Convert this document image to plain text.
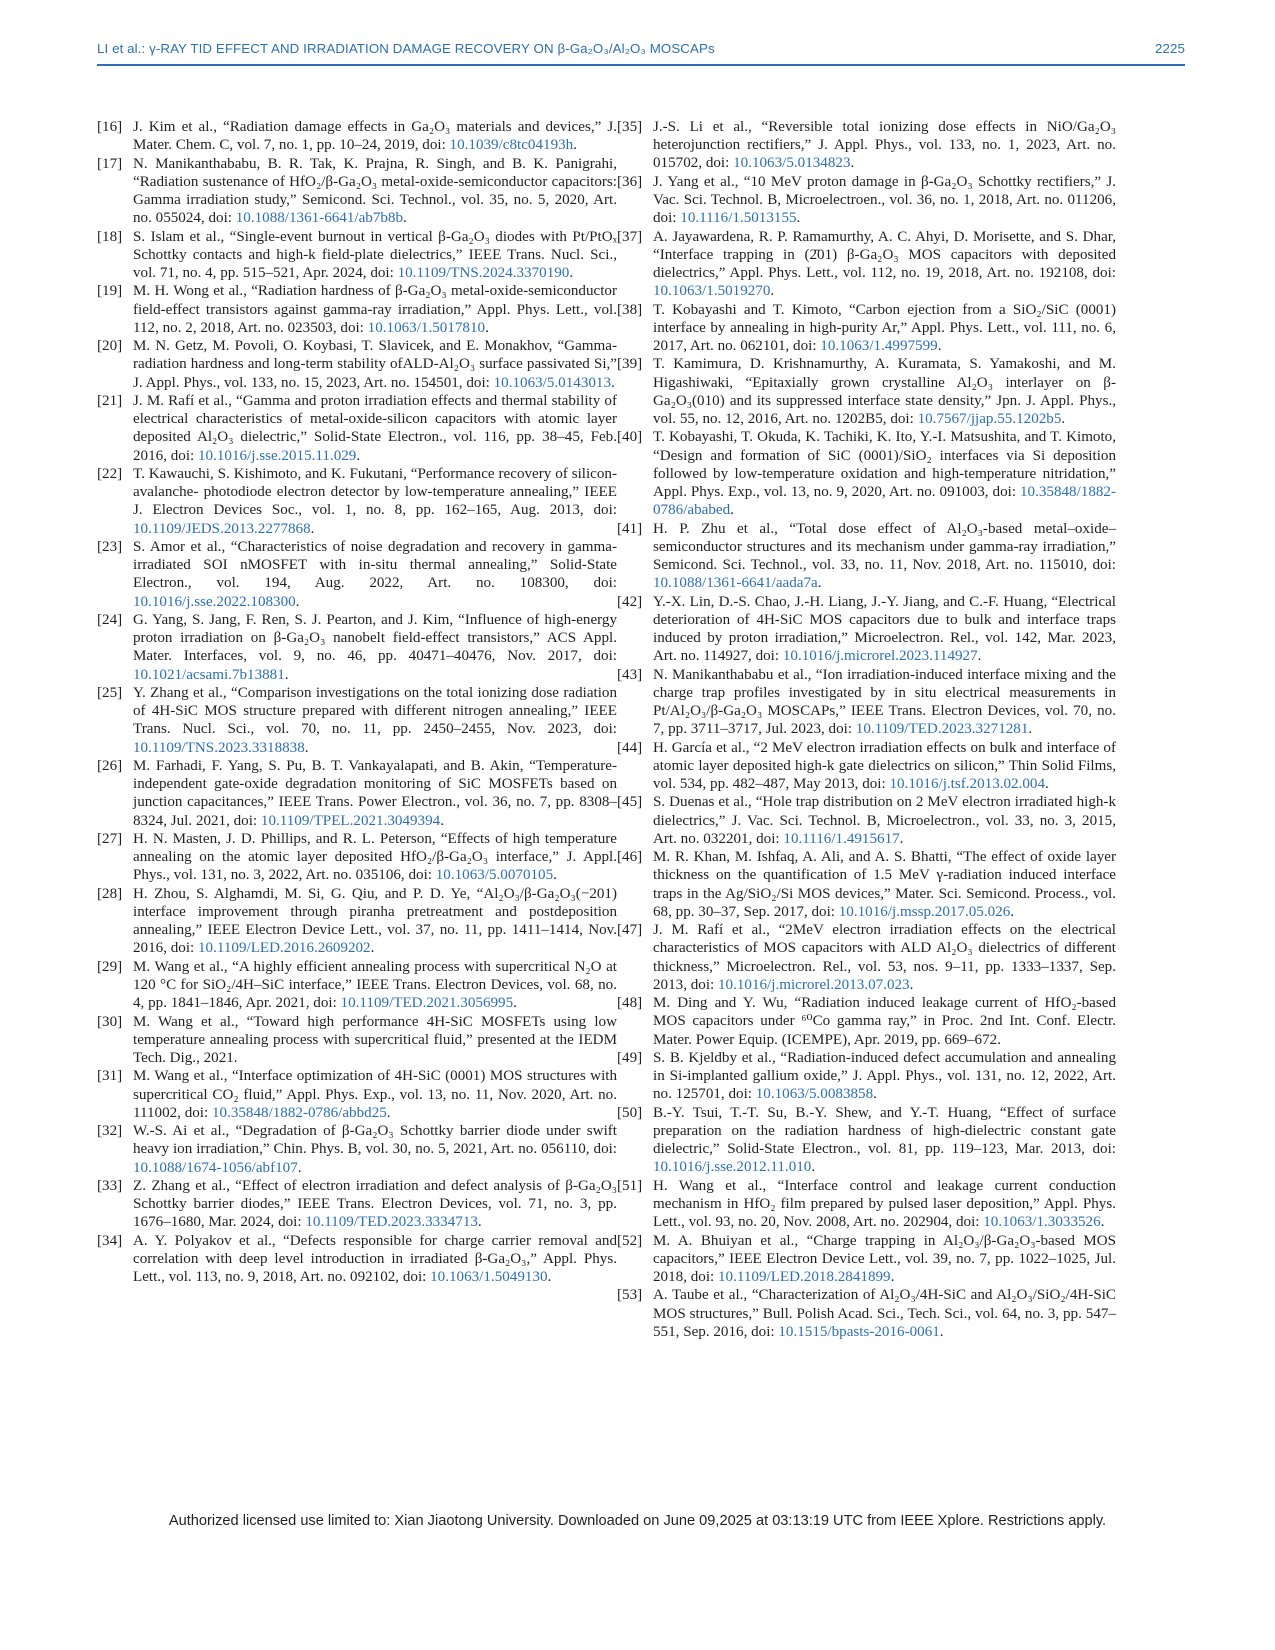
LI et al.: γ-RAY TID EFFECT AND IRRADIATION DAMAGE RECOVERY ON β-Ga₂O₃/Al₂O₃ MOSCAPs	2225
[16] J. Kim et al., “Radiation damage effects in Ga₂O₃ materials and devices,” J. Mater. Chem. C, vol. 7, no. 1, pp. 10–24, 2019, doi: 10.1039/c8tc04193h.
[17] N. Manikanthababu, B. R. Tak, K. Prajna, R. Singh, and B. K. Panigrahi, “Radiation sustenance of HfO₂/β-Ga₂O₃ metal-oxide-semiconductor capacitors: Gamma irradiation study,” Semicond. Sci. Technol., vol. 35, no. 5, 2020, Art. no. 055024, doi: 10.1088/1361-6641/ab7b8b.
[18] S. Islam et al., “Single-event burnout in vertical β-Ga₂O₃ diodes with Pt/PtOₓ Schottky contacts and high-k field-plate dielectrics,” IEEE Trans. Nucl. Sci., vol. 71, no. 4, pp. 515–521, Apr. 2024, doi: 10.1109/TNS.2024.3370190.
[19] M. H. Wong et al., “Radiation hardness of β-Ga₂O₃ metal-oxide-semiconductor field-effect transistors against gamma-ray irradiation,” Appl. Phys. Lett., vol. 112, no. 2, 2018, Art. no. 023503, doi: 10.1063/1.5017810.
[20] M. N. Getz, M. Povoli, O. Koybasi, T. Slavicek, and E. Monakhov, “Gamma-radiation hardness and long-term stability ofALD-Al₂O₃ surface passivated Si,” J. Appl. Phys., vol. 133, no. 15, 2023, Art. no. 154501, doi: 10.1063/5.0143013.
[21] J. M. Rafí et al., “Gamma and proton irradiation effects and thermal stability of electrical characteristics of metal-oxide-silicon capacitors with atomic layer deposited Al₂O₃ dielectric,” Solid-State Electron., vol. 116, pp. 38–45, Feb. 2016, doi: 10.1016/j.sse.2015.11.029.
[22] T. Kawauchi, S. Kishimoto, and K. Fukutani, “Performance recovery of silicon-avalanche- photodiode electron detector by low-temperature annealing,” IEEE J. Electron Devices Soc., vol. 1, no. 8, pp. 162–165, Aug. 2013, doi: 10.1109/JEDS.2013.2277868.
[23] S. Amor et al., “Characteristics of noise degradation and recovery in gamma-irradiated SOI nMOSFET with in-situ thermal annealing,” Solid-State Electron., vol. 194, Aug. 2022, Art. no. 108300, doi: 10.1016/j.sse.2022.108300.
[24] G. Yang, S. Jang, F. Ren, S. J. Pearton, and J. Kim, “Influence of high-energy proton irradiation on β-Ga₂O₃ nanobelt field-effect transistors,” ACS Appl. Mater. Interfaces, vol. 9, no. 46, pp. 40471–40476, Nov. 2017, doi: 10.1021/acsami.7b13881.
[25] Y. Zhang et al., “Comparison investigations on the total ionizing dose radiation of 4H-SiC MOS structure prepared with different nitrogen annealing,” IEEE Trans. Nucl. Sci., vol. 70, no. 11, pp. 2450–2455, Nov. 2023, doi: 10.1109/TNS.2023.3318838.
[26] M. Farhadi, F. Yang, S. Pu, B. T. Vankayalapati, and B. Akin, “Temperature-independent gate-oxide degradation monitoring of SiC MOSFETs based on junction capacitances,” IEEE Trans. Power Electron., vol. 36, no. 7, pp. 8308–8324, Jul. 2021, doi: 10.1109/TPEL.2021.3049394.
[27] H. N. Masten, J. D. Phillips, and R. L. Peterson, “Effects of high temperature annealing on the atomic layer deposited HfO₂/β-Ga₂O₃ interface,” J. Appl. Phys., vol. 131, no. 3, 2022, Art. no. 035106, doi: 10.1063/5.0070105.
[28] H. Zhou, S. Alghamdi, M. Si, G. Qiu, and P. D. Ye, “Al₂O₃/β-Ga₂O₃(−201) interface improvement through piranha pretreatment and postdeposition annealing,” IEEE Electron Device Lett., vol. 37, no. 11, pp. 1411–1414, Nov. 2016, doi: 10.1109/LED.2016.2609202.
[29] M. Wang et al., “A highly efficient annealing process with supercritical N₂O at 120 °C for SiO₂/4H–SiC interface,” IEEE Trans. Electron Devices, vol. 68, no. 4, pp. 1841–1846, Apr. 2021, doi: 10.1109/TED.2021.3056995.
[30] M. Wang et al., “Toward high performance 4H-SiC MOSFETs using low temperature annealing process with supercritical fluid,” presented at the IEDM Tech. Dig., 2021.
[31] M. Wang et al., “Interface optimization of 4H-SiC (0001) MOS structures with supercritical CO₂ fluid,” Appl. Phys. Exp., vol. 13, no. 11, Nov. 2020, Art. no. 111002, doi: 10.35848/1882-0786/abbd25.
[32] W.-S. Ai et al., “Degradation of β-Ga₂O₃ Schottky barrier diode under swift heavy ion irradiation,” Chin. Phys. B, vol. 30, no. 5, 2021, Art. no. 056110, doi: 10.1088/1674-1056/abf107.
[33] Z. Zhang et al., “Effect of electron irradiation and defect analysis of β-Ga₂O₃ Schottky barrier diodes,” IEEE Trans. Electron Devices, vol. 71, no. 3, pp. 1676–1680, Mar. 2024, doi: 10.1109/TED.2023.3334713.
[34] A. Y. Polyakov et al., “Defects responsible for charge carrier removal and correlation with deep level introduction in irradiated β-Ga₂O₃,” Appl. Phys. Lett., vol. 113, no. 9, 2018, Art. no. 092102, doi: 10.1063/1.5049130.
[35] J.-S. Li et al., “Reversible total ionizing dose effects in NiO/Ga₂O₃ heterojunction rectifiers,” J. Appl. Phys., vol. 133, no. 1, 2023, Art. no. 015702, doi: 10.1063/5.0134823.
[36] J. Yang et al., “10 MeV proton damage in β-Ga₂O₃ Schottky rectifiers,” J. Vac. Sci. Technol. B, Microelectroen., vol. 36, no. 1, 2018, Art. no. 011206, doi: 10.1116/1.5013155.
[37] A. Jayawardena, R. P. Ramamurthy, A. C. Ahyi, D. Morisette, and S. Dhar, “Interface trapping in (2̄01) β-Ga₂O₃ MOS capacitors with deposited dielectrics,” Appl. Phys. Lett., vol. 112, no. 19, 2018, Art. no. 192108, doi: 10.1063/1.5019270.
[38] T. Kobayashi and T. Kimoto, “Carbon ejection from a SiO₂/SiC (0001) interface by annealing in high-purity Ar,” Appl. Phys. Lett., vol. 111, no. 6, 2017, Art. no. 062101, doi: 10.1063/1.4997599.
[39] T. Kamimura, D. Krishnamurthy, A. Kuramata, S. Yamakoshi, and M. Higashiwaki, “Epitaxially grown crystalline Al₂O₃ interlayer on β-Ga₂O₃(010) and its suppressed interface state density,” Jpn. J. Appl. Phys., vol. 55, no. 12, 2016, Art. no. 1202B5, doi: 10.7567/jjap.55.1202b5.
[40] T. Kobayashi, T. Okuda, K. Tachiki, K. Ito, Y.-I. Matsushita, and T. Kimoto, “Design and formation of SiC (0001)/SiO₂ interfaces via Si deposition followed by low-temperature oxidation and high-temperature nitridation,” Appl. Phys. Exp., vol. 13, no. 9, 2020, Art. no. 091003, doi: 10.35848/1882-0786/ababed.
[41] H. P. Zhu et al., “Total dose effect of Al₂O₃-based metal–oxide–semiconductor structures and its mechanism under gamma-ray irradiation,” Semicond. Sci. Technol., vol. 33, no. 11, Nov. 2018, Art. no. 115010, doi: 10.1088/1361-6641/aada7a.
[42] Y.-X. Lin, D.-S. Chao, J.-H. Liang, J.-Y. Jiang, and C.-F. Huang, “Electrical deterioration of 4H-SiC MOS capacitors due to bulk and interface traps induced by proton irradiation,” Microelectron. Rel., vol. 142, Mar. 2023, Art. no. 114927, doi: 10.1016/j.microrel.2023.114927.
[43] N. Manikanthababu et al., “Ion irradiation-induced interface mixing and the charge trap profiles investigated by in situ electrical measurements in Pt/Al₂O₃/β-Ga₂O₃ MOSCAPs,” IEEE Trans. Electron Devices, vol. 70, no. 7, pp. 3711–3717, Jul. 2023, doi: 10.1109/TED.2023.3271281.
[44] H. García et al., “2 MeV electron irradiation effects on bulk and interface of atomic layer deposited high-k gate dielectrics on silicon,” Thin Solid Films, vol. 534, pp. 482–487, May 2013, doi: 10.1016/j.tsf.2013.02.004.
[45] S. Duenas et al., “Hole trap distribution on 2 MeV electron irradiated high-k dielectrics,” J. Vac. Sci. Technol. B, Microelectron., vol. 33, no. 3, 2015, Art. no. 032201, doi: 10.1116/1.4915617.
[46] M. R. Khan, M. Ishfaq, A. Ali, and A. S. Bhatti, “The effect of oxide layer thickness on the quantification of 1.5 MeV γ-radiation induced interface traps in the Ag/SiO₂/Si MOS devices,” Mater. Sci. Semicond. Process., vol. 68, pp. 30–37, Sep. 2017, doi: 10.1016/j.mssp.2017.05.026.
[47] J. M. Rafí et al., “2MeV electron irradiation effects on the electrical characteristics of MOS capacitors with ALD Al₂O₃ dielectrics of different thickness,” Microelectron. Rel., vol. 53, nos. 9–11, pp. 1333–1337, Sep. 2013, doi: 10.1016/j.microrel.2013.07.023.
[48] M. Ding and Y. Wu, “Radiation induced leakage current of HfO₂-based MOS capacitors under ⁶⁰Co gamma ray,” in Proc. 2nd Int. Conf. Electr. Mater. Power Equip. (ICEMPE), Apr. 2019, pp. 669–672.
[49] S. B. Kjeldby et al., “Radiation-induced defect accumulation and annealing in Si-implanted gallium oxide,” J. Appl. Phys., vol. 131, no. 12, 2022, Art. no. 125701, doi: 10.1063/5.0083858.
[50] B.-Y. Tsui, T.-T. Su, B.-Y. Shew, and Y.-T. Huang, “Effect of surface preparation on the radiation hardness of high-dielectric constant gate dielectric,” Solid-State Electron., vol. 81, pp. 119–123, Mar. 2013, doi: 10.1016/j.sse.2012.11.010.
[51] H. Wang et al., “Interface control and leakage current conduction mechanism in HfO₂ film prepared by pulsed laser deposition,” Appl. Phys. Lett., vol. 93, no. 20, Nov. 2008, Art. no. 202904, doi: 10.1063/1.3033526.
[52] M. A. Bhuiyan et al., “Charge trapping in Al₂O₃/β-Ga₂O₃-based MOS capacitors,” IEEE Electron Device Lett., vol. 39, no. 7, pp. 1022–1025, Jul. 2018, doi: 10.1109/LED.2018.2841899.
[53] A. Taube et al., “Characterization of Al₂O₃/4H-SiC and Al₂O₃/SiO₂/4H-SiC MOS structures,” Bull. Polish Acad. Sci., Tech. Sci., vol. 64, no. 3, pp. 547–551, Sep. 2016, doi: 10.1515/bpasts-2016-0061.
Authorized licensed use limited to: Xian Jiaotong University. Downloaded on June 09,2025 at 03:13:19 UTC from IEEE Xplore. Restrictions apply.
